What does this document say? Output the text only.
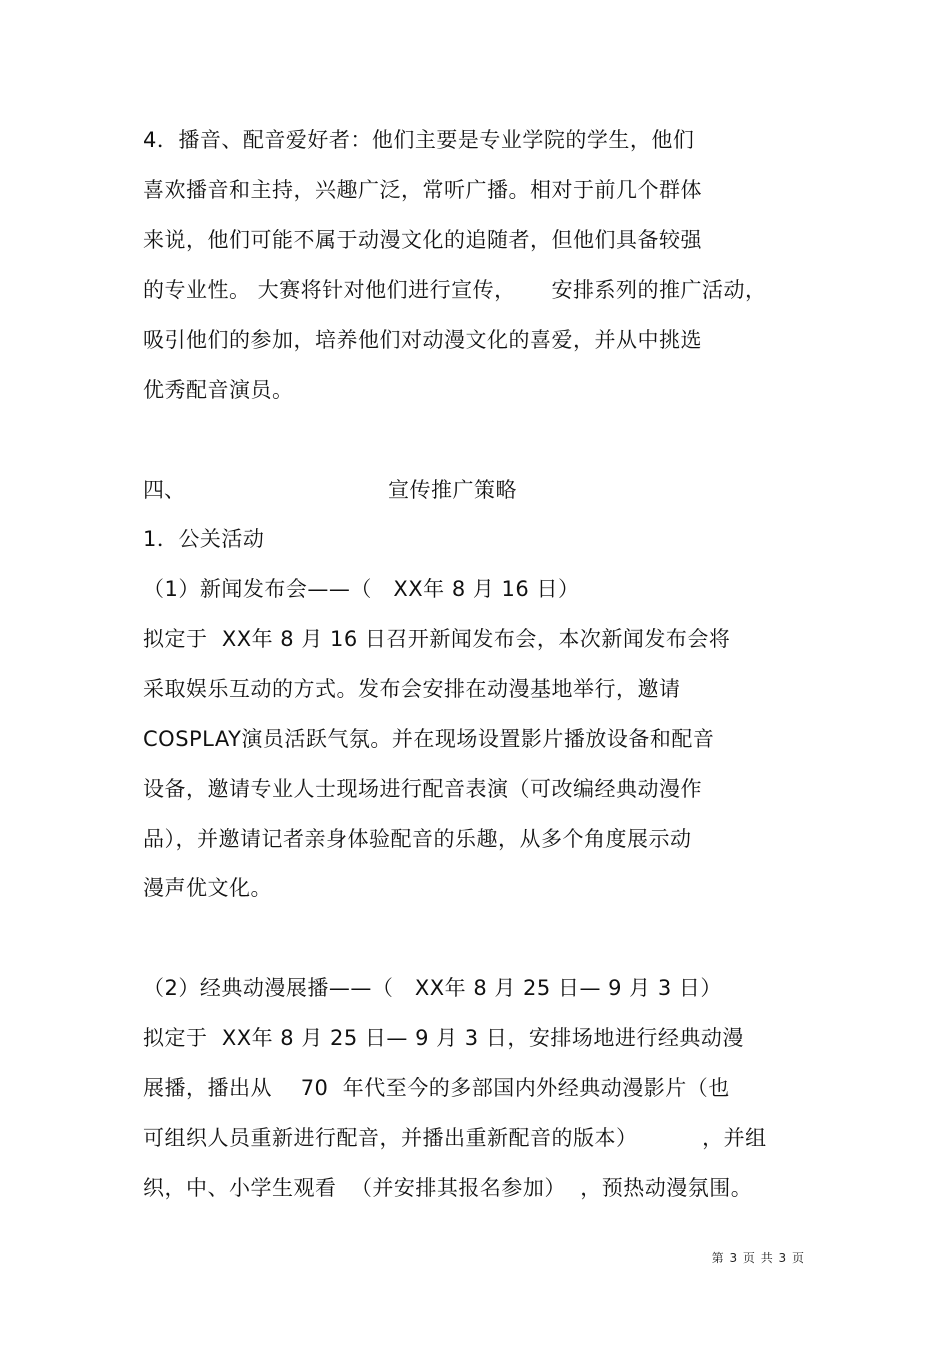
4．播音、配音爱好者：他们主要是专业学院的学生，他们
喜欢播音和主持，兴趣广泛，常听广播。相对于前几个群体
来说，他们可能不属于动漫文化的追随者，但他们具备较强
的专业性。 大赛将针对他们进行宣传，     安排系列的推广活动，
吸引他们的参加，培养他们对动漫文化的喜爱，并从中挑选
优秀配音演员。
四、	宣传推广策略
1．公关活动
（1）新闻发布会——（   XX年 8 月 16 日）
拟定于  XX年 8 月 16 日召开新闻发布会，本次新闻发布会将
采取娱乐互动的方式。发布会安排在动漫基地举行，邀请
COSPLAY演员活跃气氛。并在现场设置影片播放设备和配音
设备，邀请专业人士现场进行配音表演（可改编经典动漫作
品），并邀请记者亲身体验配音的乐趣，从多个角度展示动
漫声优文化。
（2）经典动漫展播——（   XX年 8 月 25 日— 9 月 3 日）
拟定于  XX年 8 月 25 日— 9 月 3 日，安排场地进行经典动漫
展播，播出从    70  年代至今的多部国内外经典动漫影片（也
可组织人员重新进行配音，并播出重新配音的版本）         ，并组
织，中、小学生观看  （并安排其报名参加）  ，预热动漫氛围。
第 3 页 共 3 页
